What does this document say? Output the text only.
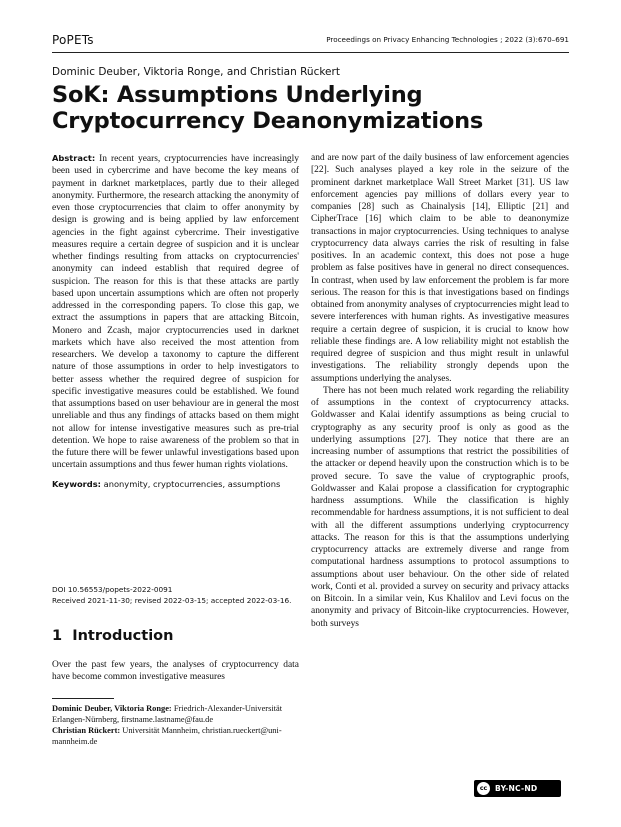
PoPETs	Proceedings on Privacy Enhancing Technologies ; 2022 (3):670–691
Dominic Deuber, Viktoria Ronge, and Christian Rückert
SoK: Assumptions Underlying Cryptocurrency Deanonymizations

Abstract: In recent years, cryptocurrencies have increasingly been used in cybercrime and have become the key means of payment in darknet marketplaces, partly due to their alleged anonymity. Furthermore, the research attacking the anonymity of even those cryptocurrencies that claim to offer anonymity by design is growing and is being applied by law enforcement agencies in the fight against cybercrime. Their investigative measures require a certain degree of suspicion and it is unclear whether findings resulting from attacks on cryptocurrencies' anonymity can indeed establish that required degree of suspicion. The reason for this is that these attacks are partly based upon uncertain assumptions which are often not properly addressed in the corresponding papers. To close this gap, we extract the assumptions in papers that are attacking Bitcoin, Monero and Zcash, major cryptocurrencies used in darknet markets which have also received the most attention from researchers. We develop a taxonomy to capture the different nature of those assumptions in order to help investigators to better assess whether the required degree of suspicion for specific investigative measures could be established. We found that assumptions based on user behaviour are in general the most unreliable and thus any findings of attacks based on them might not allow for intense investigative measures such as pre-trial detention. We hope to raise awareness of the problem so that in the future there will be fewer unlawful investigations based upon uncertain assumptions and thus fewer human rights violations.

Keywords: anonymity, cryptocurrencies, assumptions

DOI 10.56553/popets-2022-0091
Received 2021-11-30; revised 2022-03-15; accepted 2022-03-16.
1 Introduction
Over the past few years, the analyses of cryptocurrency data have become common investigative measures
Dominic Deuber, Viktoria Ronge: Friedrich-Alexander-Universität Erlangen-Nürnberg, firstname.lastname@fau.de
Christian Rückert: Universität Mannheim, christian.rueckert@uni-mannheim.de

and are now part of the daily business of law enforcement agencies [22]. Such analyses played a key role in the seizure of the prominent darknet marketplace Wall Street Market [31]. US law enforcement agencies pay millions of dollars every year to companies [28] such as Chainalysis [14], Elliptic [21] and CipherTrace [16] which claim to be able to deanonymize transactions in major cryptocurrencies. Using techniques to analyse cryptocurrency data always carries the risk of resulting in false positives. In an academic context, this does not pose a huge problem as false positives have in general no direct consequences. In contrast, when used by law enforcement the problem is far more serious. The reason for this is that investigations based on findings obtained from anonymity analyses of cryptocurrencies might lead to severe interferences with human rights. As investigative measures require a certain degree of suspicion, it is crucial to know how reliable these findings are. A low reliability might not establish the required degree of suspicion and thus might result in unlawful investigations. The reliability strongly depends upon the assumptions underlying the analyses.

There has not been much related work regarding the reliability of assumptions in the context of cryptocurrency attacks. Goldwasser and Kalai identify assumptions as being crucial to cryptography as any security proof is only as good as the underlying assumptions [27]. They notice that there are an increasing number of assumptions that restrict the possibilities of the attacker or depend heavily upon the construction which is to be proved secure. To save the value of cryptographic proofs, Goldwasser and Kalai propose a classification for cryptographic hardness assumptions. While the classification is highly recommendable for hardness assumptions, it is not sufficient to deal with all the different assumptions underlying cryptocurrency attacks. The reason for this is that the assumptions underlying cryptocurrency attacks are extremely diverse and range from computational hardness assumptions to protocol assumptions to assumptions about user behaviour. On the other side of related work, Conti et al. provided a survey on security and privacy attacks on Bitcoin. In a similar vein, Kus Khalilov and Levi focus on the anonymity and privacy of Bitcoin-like cryptocurrencies. However, both surveys

cc	BY-NC-ND
